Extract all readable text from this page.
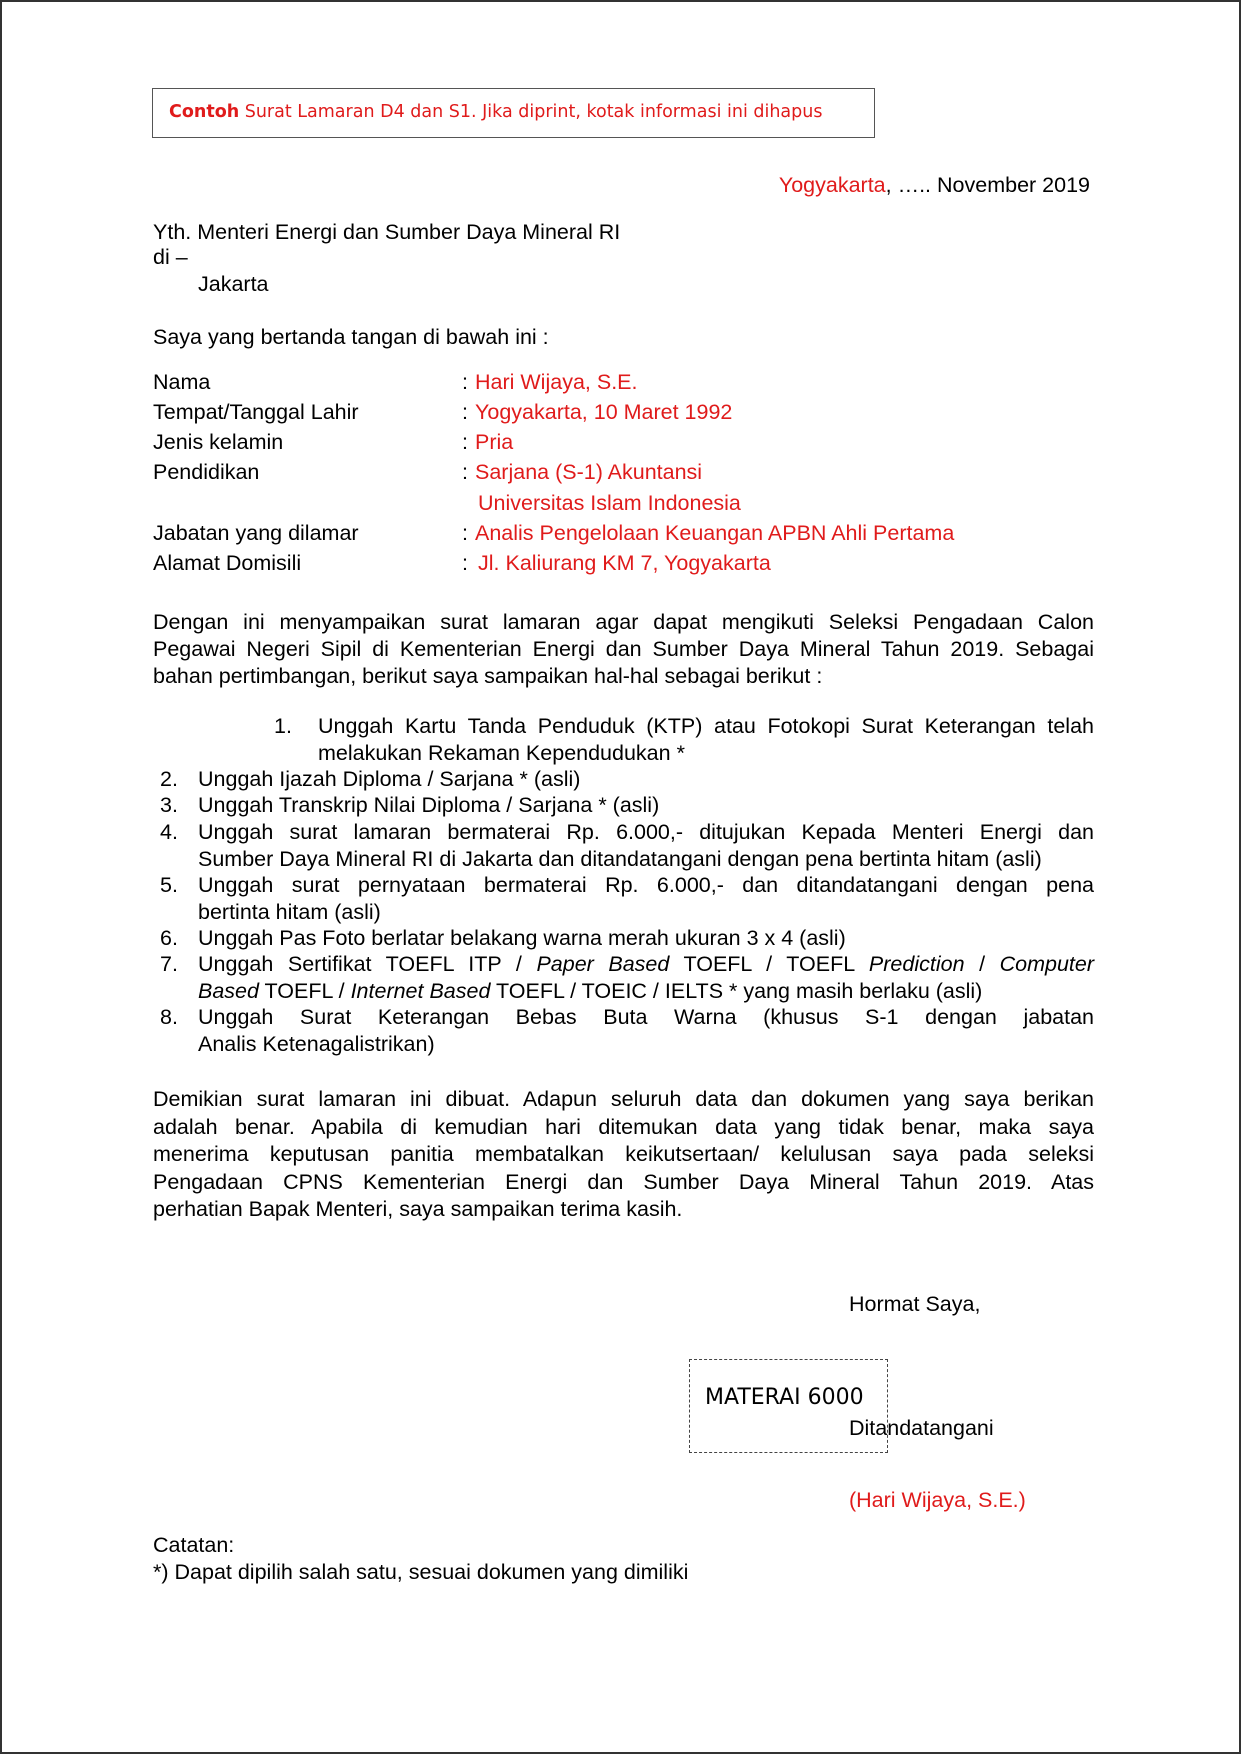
Contoh Surat Lamaran D4 dan S1. Jika diprint, kotak informasi ini dihapus
Yogyakarta, ….. November 2019
Yth. Menteri Energi dan Sumber Daya Mineral RI
di –
Jakarta
Saya yang bertanda tangan di bawah ini :
Nama	: Hari Wijaya, S.E.
Tempat/Tanggal Lahir	: Yogyakarta, 10 Maret 1992
Jenis kelamin	: Pria
Pendidikan	: Sarjana (S-1) Akuntansi
Universitas Islam Indonesia
Jabatan yang dilamar	: Analis Pengelolaan Keuangan APBN Ahli Pertama
Alamat Domisili	: Jl. Kaliurang KM 7, Yogyakarta
Dengan ini menyampaikan surat lamaran agar dapat mengikuti Seleksi Pengadaan Calon
Pegawai Negeri Sipil di Kementerian Energi dan Sumber Daya Mineral Tahun 2019. Sebagai
bahan pertimbangan, berikut saya sampaikan hal-hal sebagai berikut :
1. Unggah Kartu Tanda Penduduk (KTP) atau Fotokopi Surat Keterangan telah
melakukan Rekaman Kependudukan *
2. Unggah Ijazah Diploma / Sarjana * (asli)
3. Unggah Transkrip Nilai Diploma / Sarjana * (asli)
4. Unggah surat lamaran bermaterai Rp. 6.000,- ditujukan Kepada Menteri Energi dan
Sumber Daya Mineral RI di Jakarta dan ditandatangani dengan pena bertinta hitam (asli)
5. Unggah surat pernyataan bermaterai Rp. 6.000,- dan ditandatangani dengan pena
bertinta hitam (asli)
6. Unggah Pas Foto berlatar belakang warna merah ukuran 3 x 4 (asli)
7. Unggah Sertifikat TOEFL ITP / Paper Based TOEFL / TOEFL Prediction / Computer
Based TOEFL / Internet Based TOEFL / TOEIC / IELTS * yang masih berlaku (asli)
8. Unggah Surat Keterangan Bebas Buta Warna (khusus S-1 dengan jabatan
Analis Ketenagalistrikan)
Demikian surat lamaran ini dibuat. Adapun seluruh data dan dokumen yang saya berikan
adalah benar. Apabila di kemudian hari ditemukan data yang tidak benar, maka saya
menerima keputusan panitia membatalkan keikutsertaan/ kelulusan saya pada seleksi
Pengadaan CPNS Kementerian Energi dan Sumber Daya Mineral Tahun 2019. Atas
perhatian Bapak Menteri, saya sampaikan terima kasih.
Hormat Saya,
MATERAI 6000
Ditandatangani
(Hari Wijaya, S.E.)
Catatan:
*) Dapat dipilih salah satu, sesuai dokumen yang dimiliki
